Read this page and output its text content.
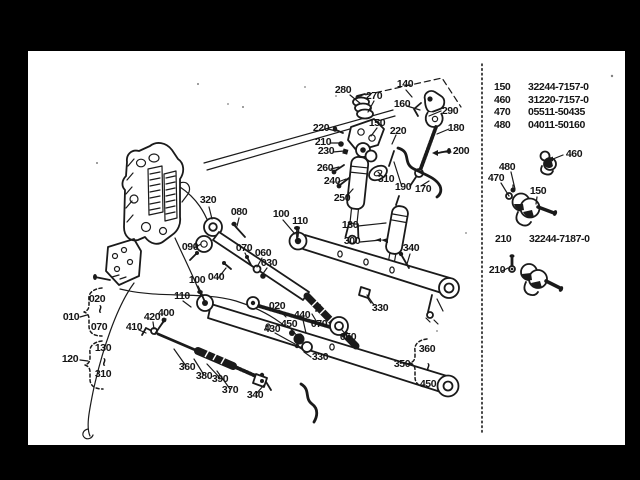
280 270
140
160
290
150
220	220	180
210
230	200
260
240	310
190 170
250
320
080 100
110
090	070 060
030
040
100
110
130
300
340
330
020
440
450
430	070
050
330
400
420
410
360
380 390
370 340
010
020
~
070
120
130
~
310
350
360
~
450
460
480
470
150
210
150	32244-7157-0
460	31220-7157-0
470	05511-50435
480	04011-50160
210	32244-7187-0
